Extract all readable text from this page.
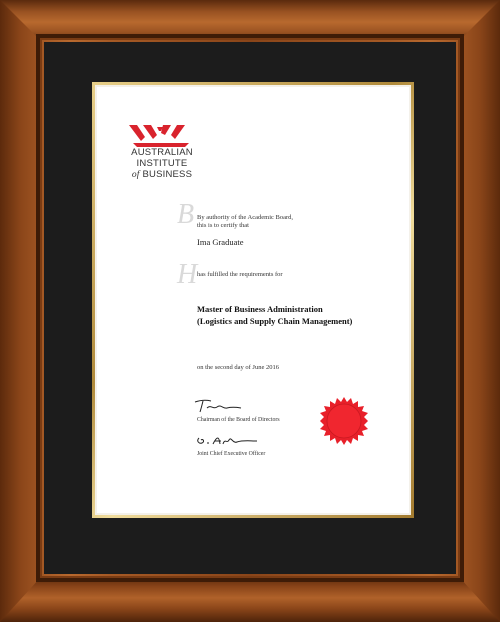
AUSTRALIAN
INSTITUTE
of BUSINESS
B By authority of the Academic Board,
this is to certify that
Ima Graduate
H has fulfilled the requirements for
Master of Business Administration
(Logistics and Supply Chain Management)
on the second day of June 2016
Chairman of the Board of Directors
Joint Chief Executive Officer
